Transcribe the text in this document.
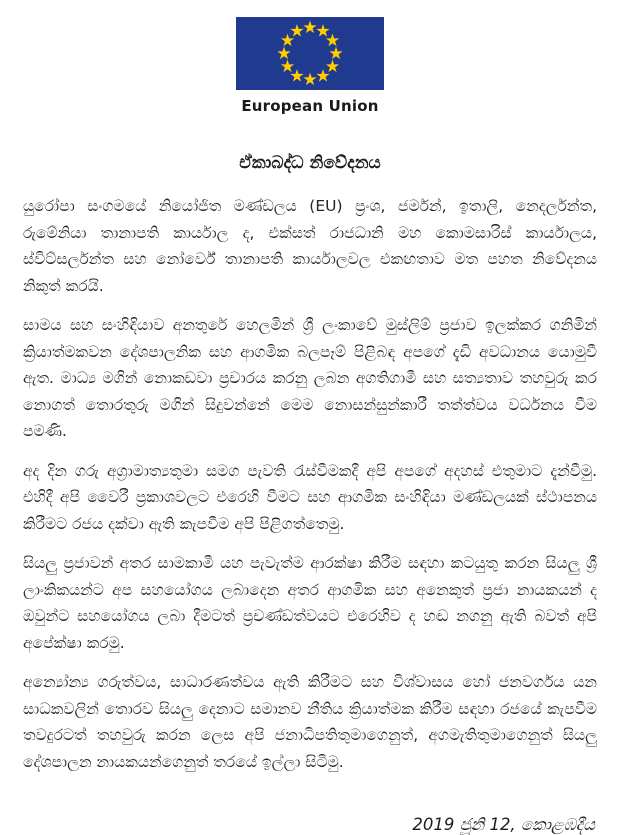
European Union
ඒකාබද්ධ නිවේදනය

යුරෝපා සංගමයේ නියෝජිත මණ්ඩලය (EU) ප්‍රංශ, ජර්මන්, ඉතාලි, නෙදර්ලන්ත, රුමේනියා තානාපති කාර්යාල ද, එක්සත් රාජධානි මහ කොමසාරිස් කාර්යාලය, ස්විට්සර්ලන්ත සහ නෝර්වේ තානාපති කාර්යාලවල එකඟතාව මත පහත නිවේදනය නිකුත් කරයි.

සාමය සහ සංහිඳියාව අනතුරේ හෙලමින් ශ්‍රී ලංකාවේ මුස්ලිම් ප්‍රජාව ඉලක්කර ගනිමින් ක්‍රියාත්මකවන දේශපාලනික සහ ආගමික බලපෑම් පිළිබඳ අපගේ දැඩි අවධානය යොමුවී ඇත. මාධ්‍ය මගින් නොකඩවා ප්‍රචාරය කරනු ලබන අගතිගාමී සහ සත්‍යතාව තහවුරු කර නොගත් තොරතුරු මගින් සිදුවන්නේ මෙම නොසන්සුන්කාරී තත්ත්වය වර්ධනය වීම පමණි.

අද දින ගරු අග්‍රාමාත්‍යතුමා සමග පැවති රැස්වීමකදී අපි අපගේ අදහස් එතුමාට දැන්වීමු. එහිදී අපි වෛරී ප්‍රකාශවලට එරෙහි වීමට සහ ආගමික සංහිඳියා මණ්ඩලයක් ස්ථාපනය කිරීමට රජය දක්වා ඇති කැපවීම අපි පිළිගත්තෙමු.

සියලු ප්‍රජාවන් අතර සාමකාමී යහ පැවැත්ම ආරක්ෂා කිරීම සඳහා කටයුතු කරන සියලු ශ්‍රී ලාංකිකයන්ට අප සහයෝගය ලබාදෙන අතර ආගමික සහ අනෙකුත් ප්‍රජා නායකයන් ද ඔවුන්ට සහයෝගය ලබා දීමටත් ප්‍රචණ්ඩත්වයට එරෙහිව ද හඬ නගනු ඇති බවත් අපි අපේක්ෂා කරමු.

අන්‍යෝන්‍ය ගරුත්වය, සාධාරණත්වය ඇති කිරීමට සහ විශ්වාසය හෝ ජනවර්ගය යන සාධකවලින් තොරව සියලු දෙනාට සමානව නීතිය ක්‍රියාත්මක කිරීම සඳහා රජයේ කැපවීම තවදුරටත් තහවුරු කරන ලෙස අපි ජනාධිපතිතුමාගෙනුත්, අගමැතිතුමාගෙනුත් සියලු දේශපාලන නායකයන්ගෙනුත් තරයේ ඉල්ලා සිටිමු.

2019 ජූනි 12, කොළඹදීය
